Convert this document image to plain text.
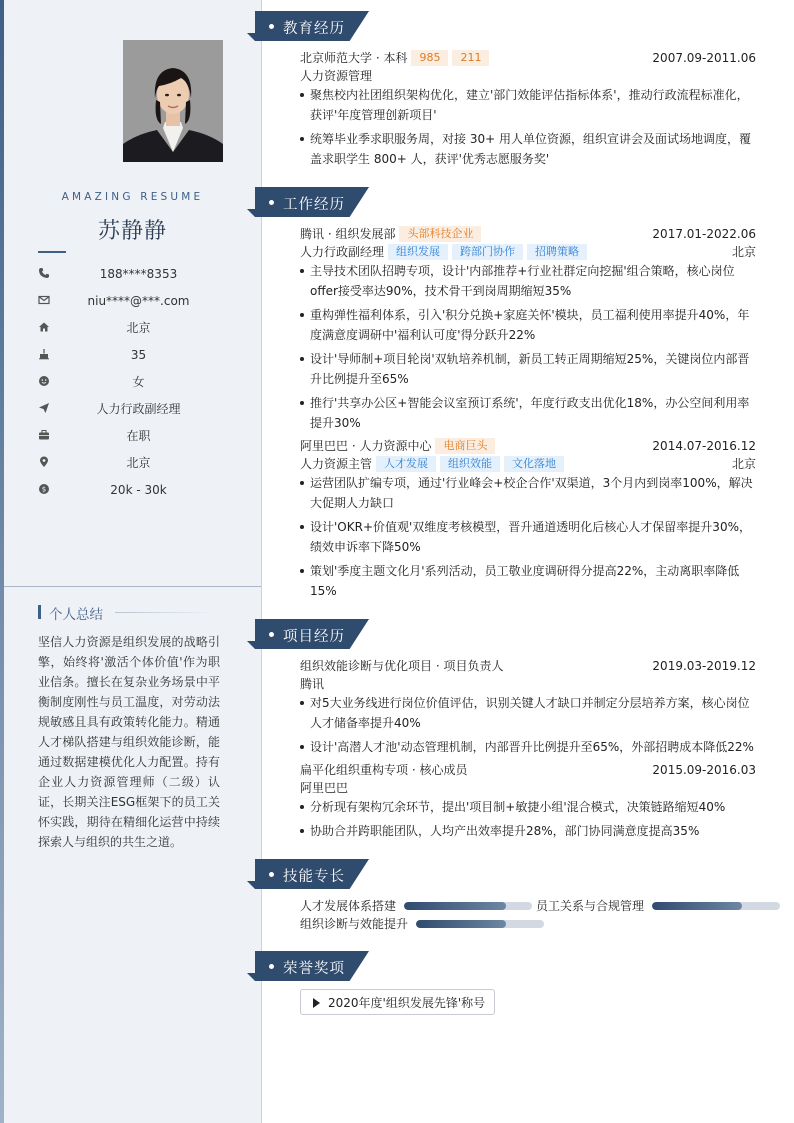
AMAZING RESUME
苏静静
188****8353
niu****@***.com
北京
35
女
人力行政副经理
在职
北京
$	20k - 30k
个人总结
坚信人力资源是组织发展的战略引擎，始终将'激活个体价值'作为职业信条。擅长在复杂业务场景中平衡制度刚性与员工温度，对劳动法规敏感且具有政策转化能力。精通人才梯队搭建与组织效能诊断，能通过数据建模优化人力配置。持有企业人力资源管理师（二级）认证，长期关注ESG框架下的员工关怀实践，期待在精细化运营中持续探索人与组织的共生之道。
教育经历
北京师范大学 · 本科 985 211	2007.09-2011.06
人力资源管理
聚焦校内社团组织架构优化，建立'部门效能评估指标体系'，推动行政流程标准化，获评'年度管理创新项目'
统筹毕业季求职服务周，对接 30+ 用人单位资源，组织宣讲会及面试场地调度，覆盖求职学生 800+ 人，获评'优秀志愿服务奖'
工作经历
腾讯 · 组织发展部 头部科技企业	2017.01-2022.06
人力行政副经理 组织发展 跨部门协作 招聘策略	北京
主导技术团队招聘专项，设计'内部推荐+行业社群定向挖掘'组合策略，核心岗位offer接受率达90%，技术骨干到岗周期缩短35%
重构弹性福利体系，引入'积分兑换+家庭关怀'模块，员工福利使用率提升40%，年度满意度调研中'福利认可度'得分跃升22%
设计'导师制+项目轮岗'双轨培养机制，新员工转正周期缩短25%，关键岗位内部晋升比例提升至65%
推行'共享办公区+智能会议室预订系统'，年度行政支出优化18%，办公空间利用率提升30%
阿里巴巴 · 人力资源中心 电商巨头	2014.07-2016.12
人力资源主管 人才发展 组织效能 文化落地	北京
运营团队扩编专项，通过'行业峰会+校企合作'双渠道，3个月内到岗率100%，解决大促期人力缺口
设计'OKR+价值观'双维度考核模型，晋升通道透明化后核心人才保留率提升30%，绩效申诉率下降50%
策划'季度主题文化月'系列活动，员工敬业度调研得分提高22%，主动离职率降低15%
项目经历
组织效能诊断与优化项目 · 项目负责人	2019.03-2019.12
腾讯
对5大业务线进行岗位价值评估，识别关键人才缺口并制定分层培养方案，核心岗位人才储备率提升40%
设计'高潜人才池'动态管理机制，内部晋升比例提升至65%，外部招聘成本降低22%
扁平化组织重构专项 · 核心成员	2015.09-2016.03
阿里巴巴
分析现有架构冗余环节，提出'项目制+敏捷小组'混合模式，决策链路缩短40%
协助合并跨职能团队，人均产出效率提升28%，部门协同满意度提高35%
技能专长
人才发展体系搭建	员工关系与合规管理
组织诊断与效能提升
荣誉奖项
2020年度'组织发展先锋'称号
